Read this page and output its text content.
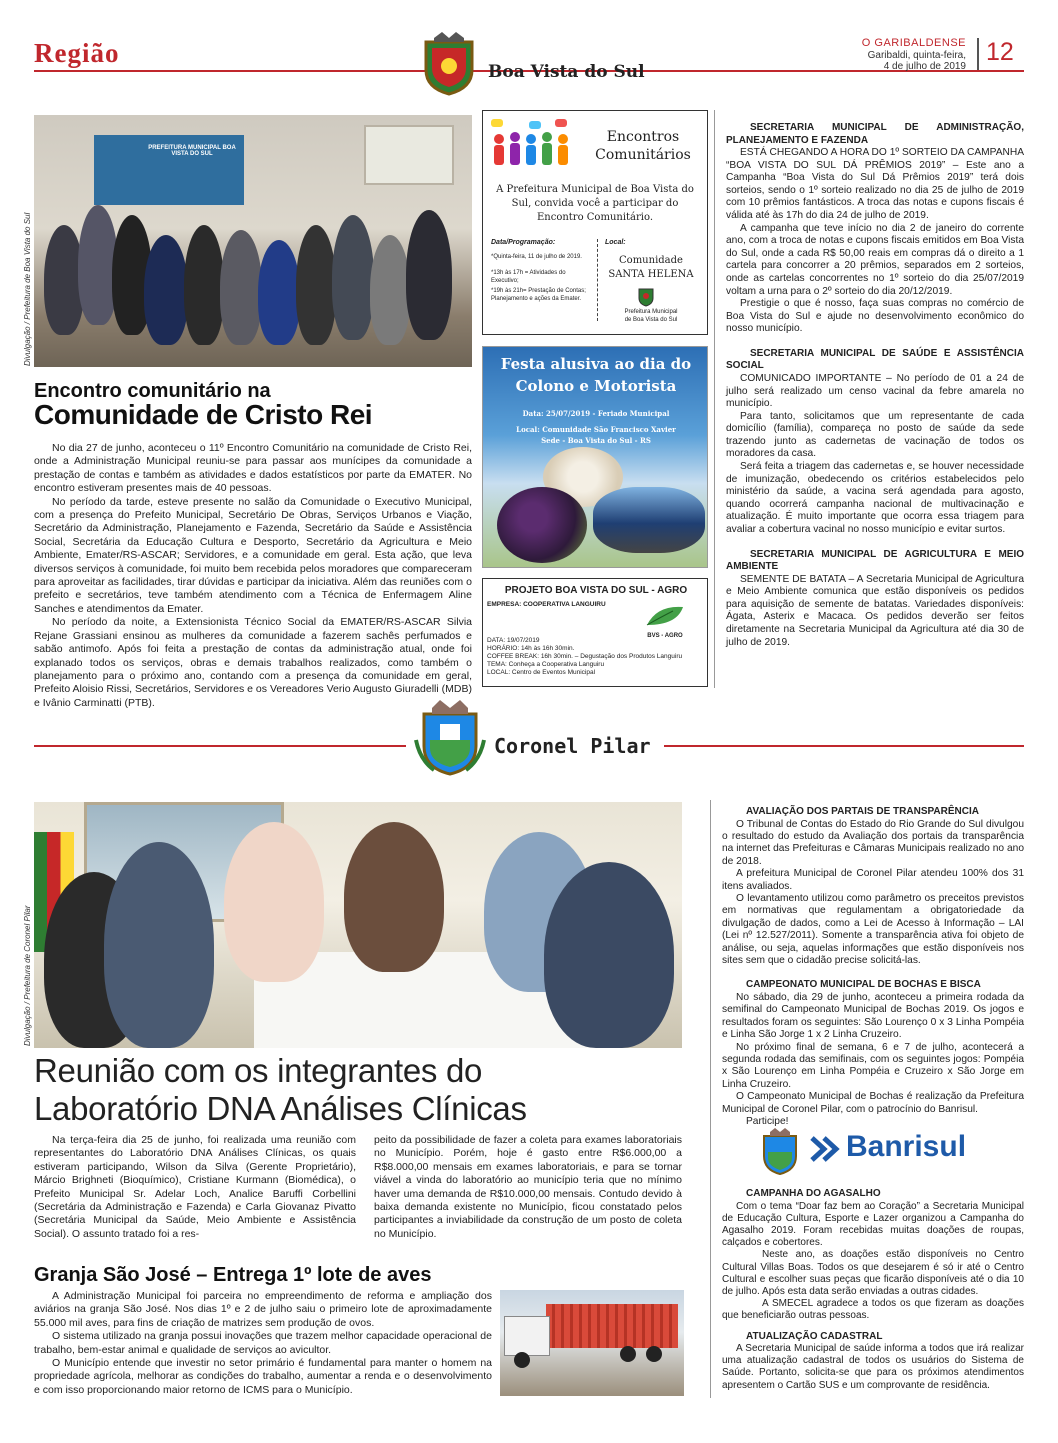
Região
Boa Vista do Sul
O GARIBALDENSE
Garibaldi, quinta-feira,
4 de julho de 2019
12
PREFEITURA MUNICIPAL BOA VISTA DO SUL
Divulgação / Prefeitura de Boa Vista do Sul
Encontro comunitário na
Comunidade de Cristo Rei

No dia 27 de junho, aconteceu o 11º Encontro Comunitário na comunidade de Cristo Rei, onde a Administração Municipal reuniu-se para passar aos munícipes da comunidade a prestação de contas e também as atividades e dados estatísticos por parte da EMATER. No encontro estiveram presentes mais de 40 pessoas.

No período da tarde, esteve presente no salão da Comunidade o Executivo Municipal, com a presença do Prefeito Municipal, Secretário De Obras, Serviços Urbanos e Viação, Secretário da Administração, Planejamento e Fazenda, Secretário da Saúde e Assistência Social, Secretária da Educação Cultura e Desporto, Secretário da Agricultura e Meio Ambiente, Emater/RS-ASCAR; Servidores, e a comunidade em geral. Esta ação, que leva diversos serviços à comunidade, foi muito bem recebida pelos moradores que compareceram para aproveitar as facilidades, tirar dúvidas e participar da iniciativa. Além das reuniões com o prefeito e secretários, teve também atendimento com a Técnica de Enfermagem Aline Sanches e atendimentos da Emater.

No período da noite, a Extensionista Técnico Social da EMATER/RS-ASCAR Silvia Rejane Grassiani ensinou as mulheres da comunidade a fazerem sachês perfumados e sabão antimofo. Após foi feita a prestação de contas da administração atual, onde foi explanado todos os serviços, obras e demais trabalhos realizados, como também o planejamento para o próximo ano, contando com a presença da comunidade em geral, Prefeito Aloisio Rissi, Secretários, Servidores e os Vereadores Verio Augusto Giuradelli (MDB) e Ivânio Carminatti (PTB).

Encontros
Comunitários
A Prefeitura Municipal de Boa Vista do Sul, convida você a participar do Encontro Comunitário.
Data/Programação:
*Quinta-feira, 11 de julho de 2019.
*13h às 17h = Atividades do Executivo;
*19h às 21h= Prestação de Contas; Planejamento e ações da Emater.
Local:
Comunidade
SANTA HELENA
Prefeitura Municipal
de Boa Vista do Sul
Festa alusiva ao dia do
Colono e Motorista
Data: 25/07/2019 - Feriado Municipal
Local: Comunidade São Francisco Xavier
Sede - Boa Vista do Sul - RS
PROJETO BOA VISTA DO SUL - AGRO
EMPRESA: COOPERATIVA LANGUIRU
BVS - AGRO
DATA: 19/07/2019
HORÁRIO: 14h às 16h 30min.
COFFEE BREAK: 16h 30min. – Degustação dos Produtos Languiru
TEMA: Conheça a Cooperativa Languiru
LOCAL: Centro de Eventos Municipal
SECRETARIA MUNICIPAL DE ADMINISTRAÇÃO, PLANEJAMENTO E FAZENDA

ESTÁ CHEGANDO A HORA DO 1º SORTEIO DA CAMPANHA “BOA VISTA DO SUL DÁ PRÊMIOS 2019” – Este ano a Campanha “Boa Vista do Sul Dá Prêmios 2019” terá dois sorteios, sendo o 1º sorteio realizado no dia 25 de julho de 2019 com 10 prêmios fantásticos. A troca das notas e cupons fiscais é válida até às 17h do dia 24 de julho de 2019.

A campanha que teve início no dia 2 de janeiro do corrente ano, com a troca de notas e cupons fiscais emitidos em Boa Vista do Sul, onde a cada R$ 50,00 reais em compras dá o direito a 1 cartela para concorrer a 20 prêmios, separados em 2 sorteios, onde as cartelas concorrentes no 1º sorteio do dia 25/07/2019 voltam a urna para o 2º sorteio do dia 20/12/2019.

Prestigie o que é nosso, faça suas compras no comércio de Boa Vista do Sul e ajude no desenvolvimento econômico do nosso município.

SECRETARIA MUNICIPAL DE SAÚDE E ASSISTÊNCIA SOCIAL

COMUNICADO IMPORTANTE – No período de 01 a 24 de julho será realizado um censo vacinal da febre amarela no município.

Para tanto, solicitamos que um representante de cada domicílio (família), compareça no posto de saúde da sede trazendo junto as cadernetas de vacinação de todos os moradores da casa.

Será feita a triagem das cadernetas e, se houver necessidade de imunização, obedecendo os critérios estabelecidos pelo ministério da saúde, a vacina será agendada para agosto, quando ocorrerá campanha nacional de multivacinação e atualização. É muito importante que ocorra essa triagem para avaliar a cobertura vacinal no nosso município e evitar surtos.

SECRETARIA MUNICIPAL DE AGRICULTURA E MEIO AMBIENTE

SEMENTE DE BATATA – A Secretaria Municipal de Agricultura e Meio Ambiente comunica que estão disponíveis os pedidos para aquisição de semente de batatas. Variedades disponíveis: Ágata, Asterix e Macaca. Os pedidos deverão ser feitos diretamente na Secretaria Municipal da Agricultura até dia 30 de julho de 2019.

Coronel Pilar
Divulgação / Prefeitura de Coronel Pilar
Reunião com os integrantes do
Laboratório DNA Análises Clínicas

Na terça-feira dia 25 de junho, foi realizada uma reunião com representantes do Laboratório DNA Análises Clínicas, os quais estiveram participando, Wilson da Silva (Gerente Proprietário), Márcio Brighneti (Bioquímico), Cristiane Kurmann (Biomédica), o Prefeito Municipal Sr. Adelar Loch, Analice Baruffi Corbellini (Secretária da Administração e Fazenda) e Carla Giovanaz Pivatto (Secretária Municipal da Saúde, Meio Ambiente e Assistência Social). O assunto tratado foi a res-

peito da possibilidade de fazer a coleta para exames laboratoriais no Município. Porém, hoje é gasto entre R$6.000,00 a R$8.000,00 mensais em exames laboratoriais, e para se tornar viável a vinda do laboratório ao município teria que no mínimo haver uma demanda de R$10.000,00 mensais. Contudo devido à baixa demanda existente no Município, ficou constatado pelos participantes a inviabilidade da construção de um posto de coleta no Município.

Granja São José – Entrega 1º lote de aves

A Administração Municipal foi parceira no empreendimento de reforma e ampliação dos aviários na granja São José. Nos dias 1º e 2 de julho saiu o primeiro lote de aproximadamente 55.000 mil aves, para fins de criação de matrizes sem produção de ovos.

O sistema utilizado na granja possui inovações que trazem melhor capacidade operacional de trabalho, bem-estar animal e qualidade de serviços ao avicultor.

O Município entende que investir no setor primário é fundamental para manter o homem na propriedade agrícola, melhorar as condições do trabalho, aumentar a renda e o desenvolvimento e com isso proporcionando maior retorno de ICMS para o Município.

AVALIAÇÃO DOS PARTAIS DE TRANSPARÊNCIA

O Tribunal de Contas do Estado do Rio Grande do Sul divulgou o resultado do estudo da Avaliação dos portais da transparência na internet das Prefeituras e Câmaras Municipais realizado no ano de 2018.

A prefeitura Municipal de Coronel Pilar atendeu 100% dos 31 itens avaliados.

O levantamento utilizou como parâmetro os preceitos previstos em normativas que regulamentam a obrigatoriedade da divulgação de dados, como a Lei de Acesso à Informação – LAI (Lei nº 12.527/2011). Somente a transparência ativa foi objeto de análise, ou seja, aquelas informações que estão disponíveis nos sites sem que o cidadão precise solicitá-las.

CAMPEONATO MUNICIPAL DE BOCHAS E BISCA

No sábado, dia 29 de junho, aconteceu a primeira rodada da semifinal do Campeonato Municipal de Bochas 2019. Os jogos e resultados foram os seguintes: São Lourenço 0 x 3 Linha Pompéia e Linha São Jorge 1 x 2 Linha Cruzeiro.

No próximo final de semana, 6 e 7 de julho, acontecerá a segunda rodada das semifinais, com os seguintes jogos: Pompéia x São Lourenço em Linha Pompéia e Cruzeiro x São Jorge em Linha Cruzeiro.

O Campeonato Municipal de Bochas é realização da Prefeitura Municipal de Coronel Pilar, com o patrocínio do Banrisul.

Participe!

Banrisul
CAMPANHA DO AGASALHO

Com o tema “Doar faz bem ao Coração” a Secretaria Municipal de Educação Cultura, Esporte e Lazer organizou a Campanha do Agasalho 2019. Foram recebidas muitas doações de roupas, calçados e cobertores.

Neste ano, as doações estão disponíveis no Centro Cultural Villas Boas. Todos os que desejarem é só ir até o Centro Cultural e escolher suas peças que ficarão disponíveis até o dia 10 de julho. Após esta data serão enviadas a outras cidades.

A SMECEL agradece a todos os que fizeram as doações que beneficiarão outras pessoas.

ATUALIZAÇÃO CADASTRAL

A Secretaria Municipal de saúde informa a todos que irá realizar uma atualização cadastral de todos os usuários do Sistema de Saúde. Portanto, solicita-se que para os próximos atendimentos apresentem o Cartão SUS e um comprovante de residência.
